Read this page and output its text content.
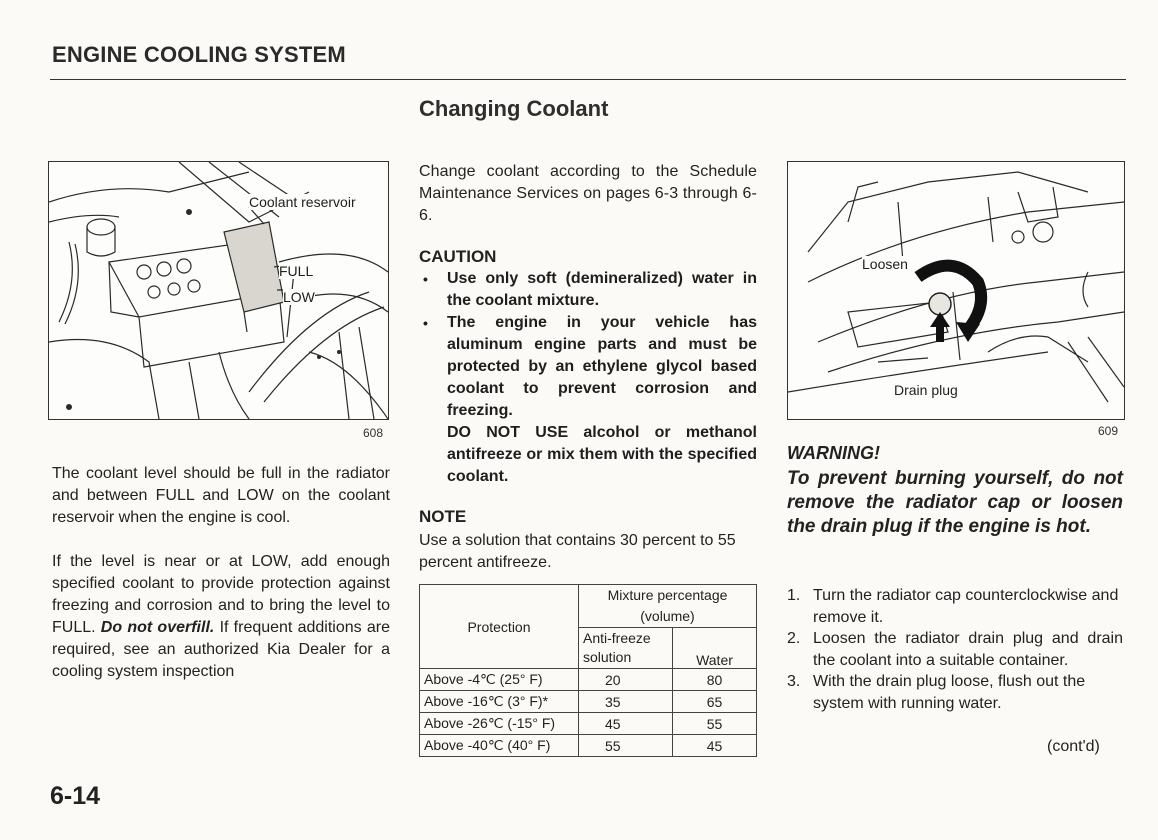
ENGINE COOLING SYSTEM
Changing Coolant
Coolant reservoir
FULL
LOW
608
The coolant level should be full in the radiator and between FULL and LOW on the coolant reservoir when the engine is cool.
If the level is near or at LOW, add enough specified coolant to provide protection against freezing and corrosion and to bring the level to FULL. Do not overfill. If frequent additions are required, see an authorized Kia Dealer for a cooling system inspection
Change coolant according to the Schedule Maintenance Services on pages 6-3 through 6-6.
CAUTION
• Use only soft (demineralized) water in the coolant mixture.
• The engine in your vehicle has aluminum engine parts and must be protected by an ethylene glycol based coolant to prevent corrosion and freezing.
DO NOT USE alcohol or methanol antifreeze or mix them with the specified coolant.
NOTE
Use a solution that contains 30 percent to 55 percent antifreeze.
Protection	Mixture percentage (volume)	
	Anti-freeze solution	Water
Above -4℃ (25° F)	20	80
Above -16℃ (3° F)*	35	65
Above -26℃ (-15° F)	45	55
Above -40℃ (40° F)	55	45
Loosen
Drain plug
609
WARNING!
To prevent burning yourself, do not remove the radiator cap or loosen the drain plug if the engine is hot.
1. Turn the radiator cap counterclockwise and remove it.
2. Loosen the radiator drain plug and drain the coolant into a suitable container.
3. With the drain plug loose, flush out the system with running water.
(cont'd)
6-14
